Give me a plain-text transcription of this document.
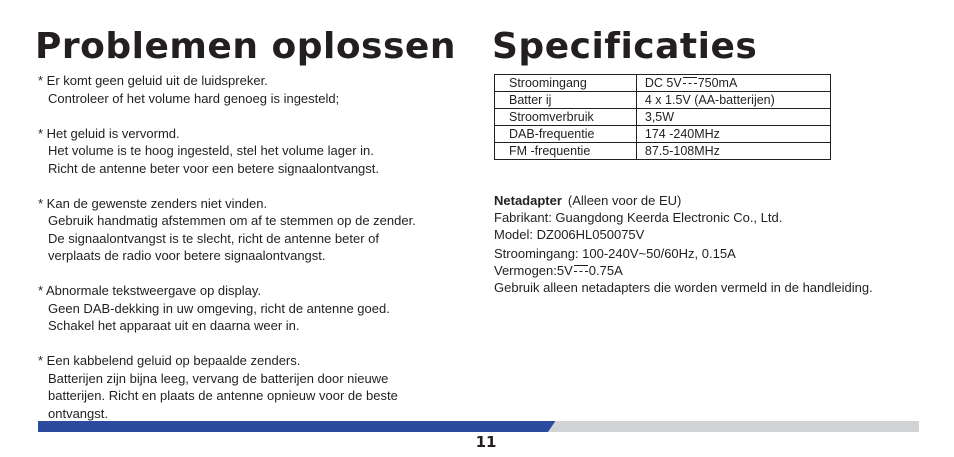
Problemen oplossen Specificaties
* Er komt geen geluid uit de luidspreker.
Controleer of het volume hard genoeg is ingesteld;
* Het geluid is vervormd.
Het volume is te hoog ingesteld, stel het volume lager in.
Richt de antenne beter voor een betere signaalontvangst.
* Kan de gewenste zenders niet vinden.
Gebruik handmatig afstemmen om af te stemmen op de zender.
De signaalontvangst is te slecht, richt de antenne beter of
verplaats de radio voor betere signaalontvangst.
* Abnormale tekstweergave op display.
Geen DAB-dekking in uw omgeving, richt de antenne goed.
Schakel het apparaat uit en daarna weer in.
* Een kabbelend geluid op bepaalde zenders.
Batterijen zijn bijna leeg, vervang de batterijen door nieuwe
batterijen. Richt en plaats de antenne opnieuw voor de beste
ontvangst.
Stroomingang	DC 5V 750mA
Batter ij	4 x 1.5V (AA-batterijen)
Stroomverbruik	3,5W
DAB-frequentie	174 -240MHz
FM -frequentie	87.5-108MHz
Netadapter (Alleen voor de EU)
Fabrikant: Guangdong Keerda Electronic Co., Ltd.
Model: DZ006HL050075V
Stroomingang: 100-240V~50/60Hz, 0.15A
Vermogen:5V 0.75A
Gebruik alleen netadapters die worden vermeld in de handleiding.
11
